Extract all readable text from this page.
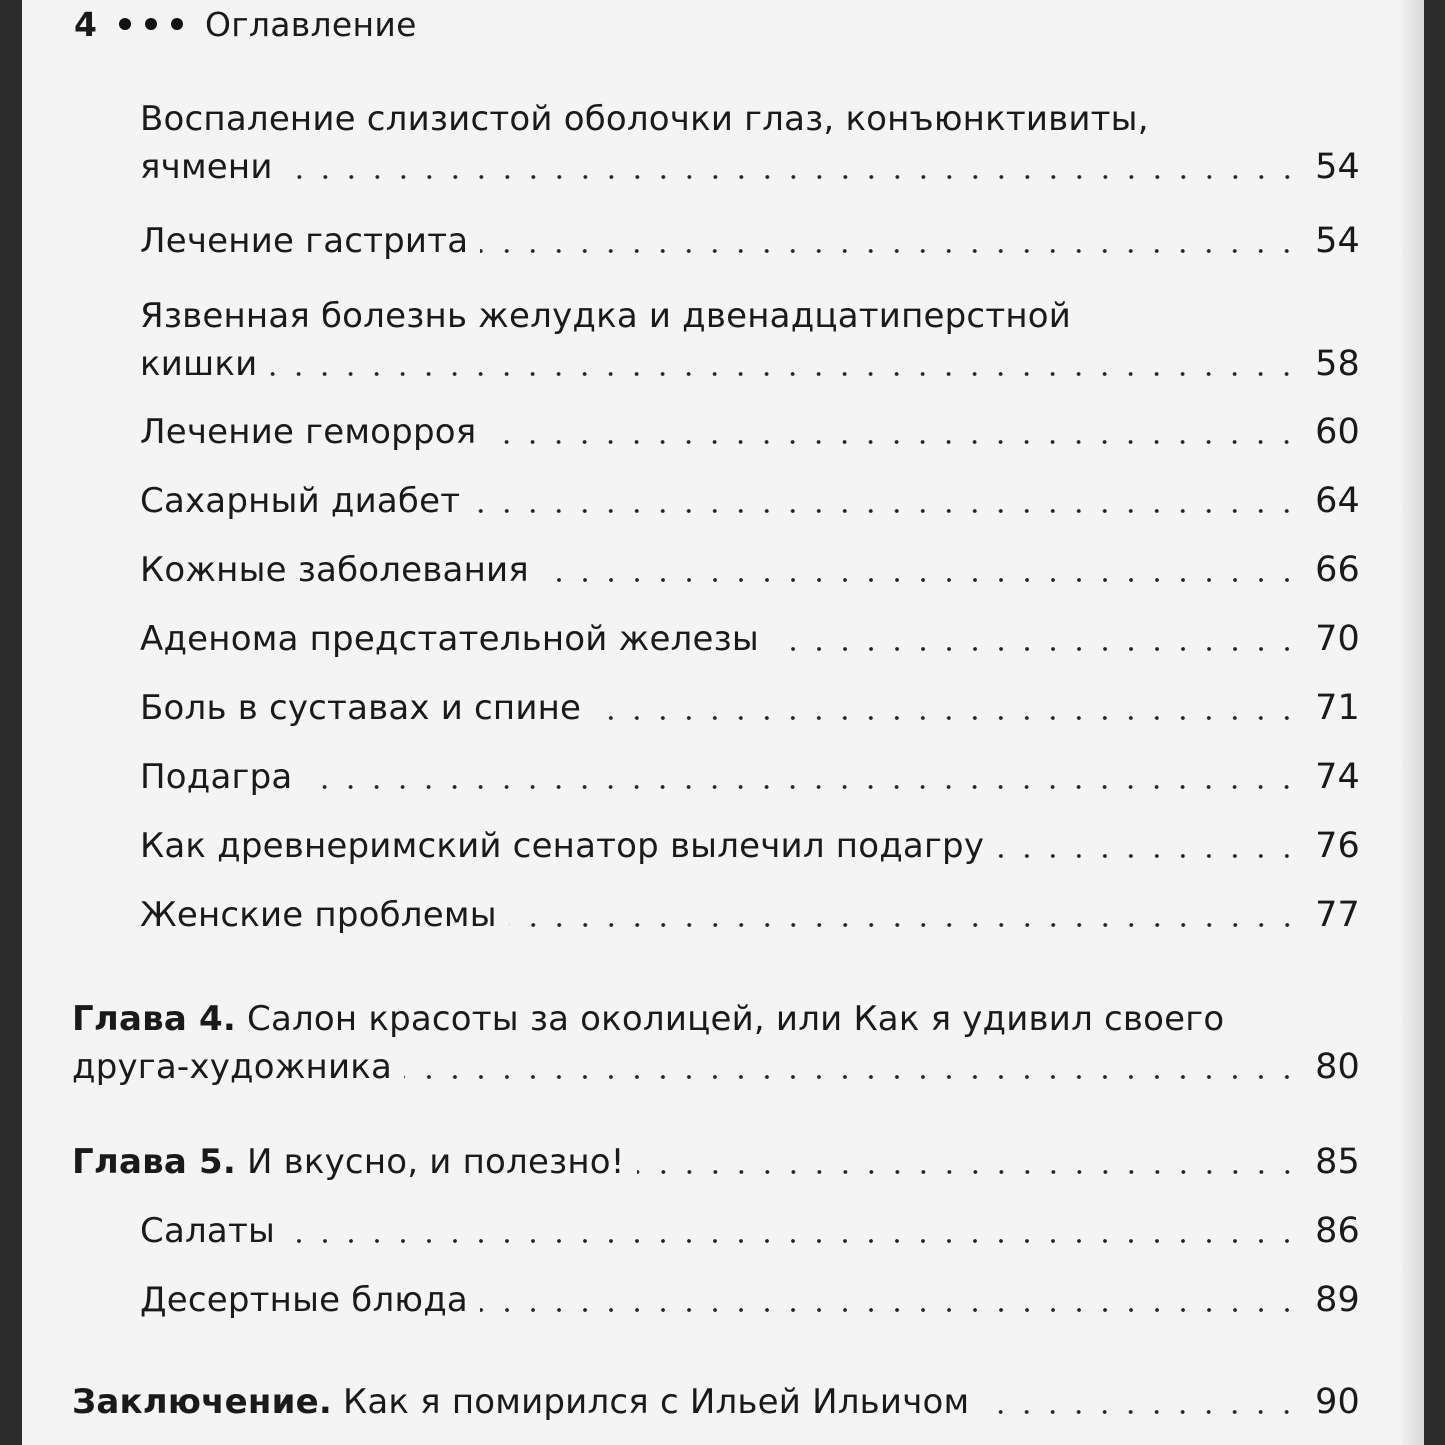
4	Оглавление
Воспаление слизистой оболочки глаз, конъюнктивиты,
ячмени	54
Лечение гастрита	54
Язвенная болезнь желудка и двенадцатиперстной
кишки	58
Лечение геморроя	60
Сахарный диабет	64
Кожные заболевания	66
Аденома предстательной железы	70
Боль в суставах и спине	71
Подагра	74
Как древнеримский сенатор вылечил подагру	76
Женские проблемы	77
Глава 4. Салон красоты за околицей, или Как я удивил своего
друга-художника	80
Глава 5. И вкусно, и полезно!	85
Салаты	86
Десертные блюда	89
Заключение. Как я помирился с Ильей Ильичом	90
